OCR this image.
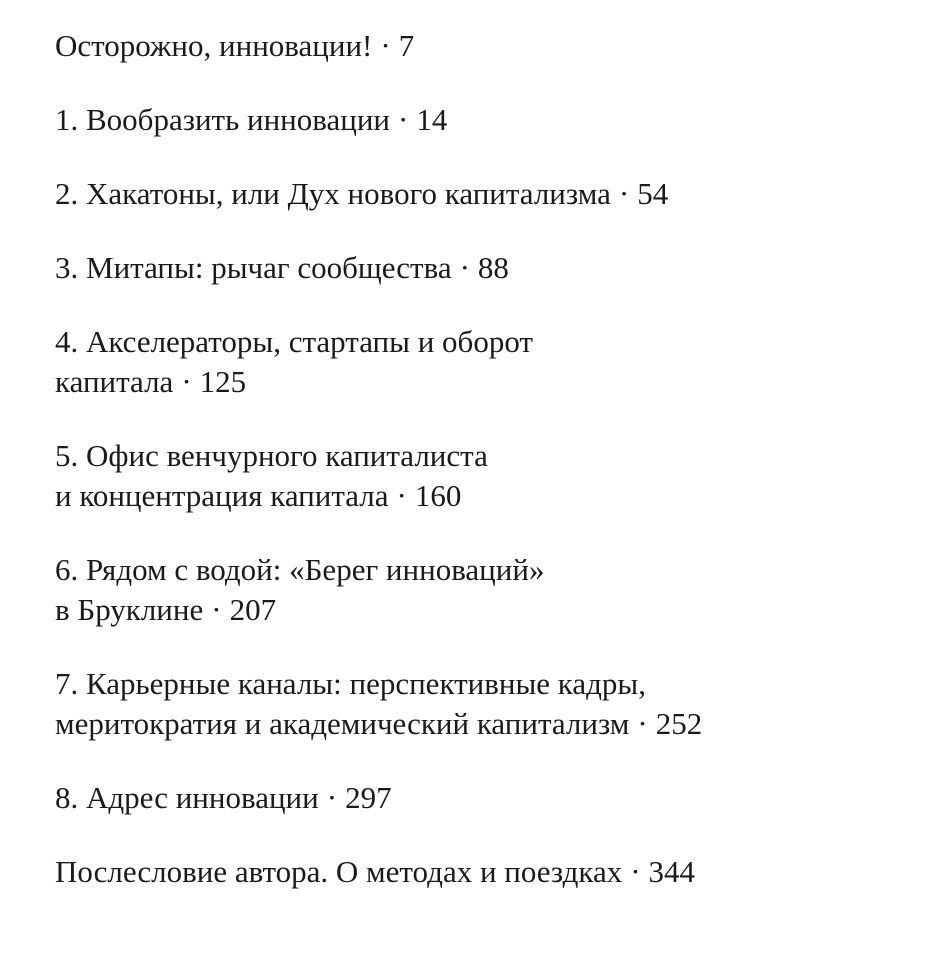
Осторожно, инновации! · 7
1. Вообразить инновации · 14
2. Хакатоны, или Дух нового капитализма · 54
3. Митапы: рычаг сообщества · 88
4. Акселераторы, стартапы и оборот
капитала · 125
5. Офис венчурного капиталиста
и концентрация капитала · 160
6. Рядом с водой: «Берег инноваций»
в Бруклине · 207
7. Карьерные каналы: перспективные кадры,
меритократия и академический капитализм · 252
8. Адрес инновации · 297
Послесловие автора. О методах и поездках · 344
